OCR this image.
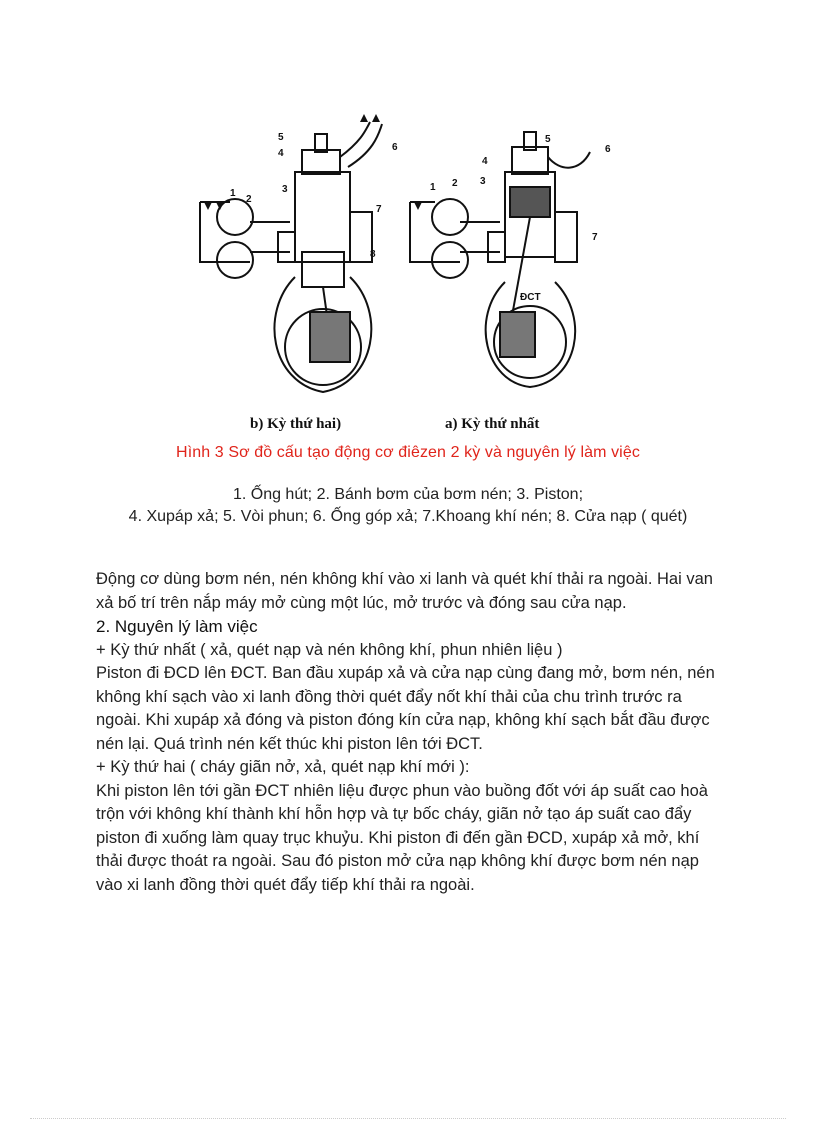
5
4
6
1
2
3
7
8
5
4
3
6
1 2
7
ĐCT
b) Kỳ thứ hai)	a) Kỳ thứ nhất
Hình 3 Sơ đồ cấu tạo động cơ điêzen 2 kỳ và nguyên lý làm việc
1. Ống hút; 2. Bánh bơm của bơm nén; 3. Piston;
4. Xupáp xả; 5. Vòi phun; 6. Ống góp xả; 7.Khoang khí nén; 8. Cửa nạp ( quét)

Động cơ dùng bơm nén, nén không khí vào xi lanh và quét khí thải ra ngoài. Hai van xả bố trí trên nắp máy mở cùng một lúc, mở trước và đóng sau cửa nạp.

2. Nguyên lý làm việc

+ Kỳ thứ nhất ( xả, quét nạp và nén không khí, phun nhiên liệu )

Piston đi ĐCD lên ĐCT. Ban đầu xupáp xả và cửa nạp cùng đang mở, bơm nén, nén không khí sạch vào xi lanh đồng thời quét đẩy nốt khí thải của chu trình trước ra ngoài. Khi xupáp xả đóng và piston đóng kín cửa nạp, không khí sạch bắt đầu được nén lại. Quá trình nén kết thúc khi piston lên tới ĐCT.

+ Kỳ thứ hai ( cháy giãn nở, xả, quét nạp khí mới ):

Khi piston lên tới gần ĐCT nhiên liệu được phun vào buồng đốt với áp suất cao hoà trộn với không khí thành khí hỗn hợp và tự bốc cháy, giãn nở tạo áp suất cao đẩy piston đi xuống làm quay trục khuỷu. Khi piston đi đến gần ĐCD, xupáp xả mở, khí thải được thoát ra ngoài. Sau đó piston mở cửa nạp không khí được bơm nén nạp vào xi lanh đồng thời quét đẩy tiếp khí thải ra ngoài.
